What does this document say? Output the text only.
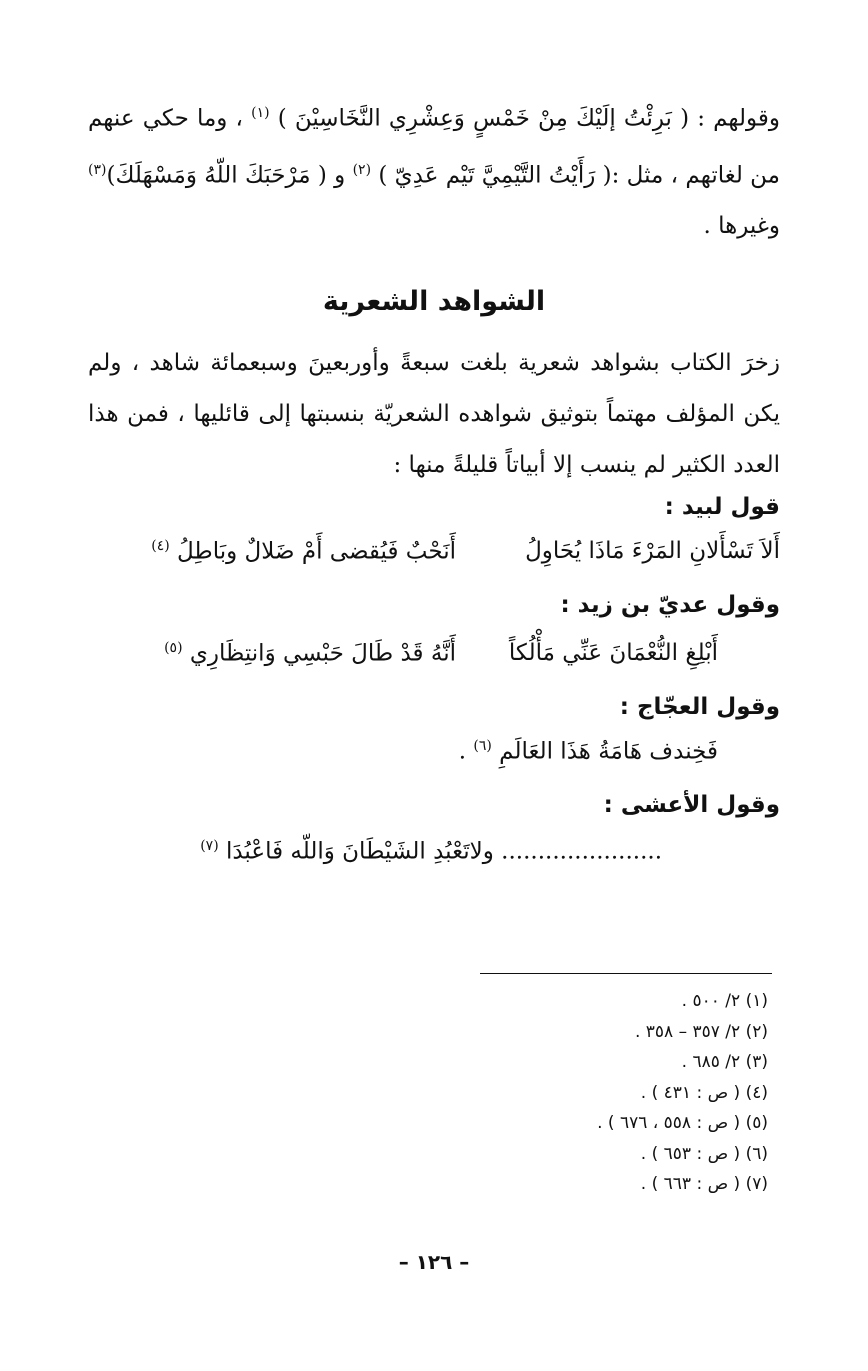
وقولهم : ( بَرِئْتُ إلَيْكَ مِنْ خَمْسٍ وَعِشْرِي النَّخَاسِيْنَ ) $^{(١)}$ ، وما حكي عنهم من لغاتهم ، مثل :( رَأَيْتُ التَّيْمِيَّ تَيْم عَدِيّ ) $^{(٢)}$ و ( مَرْحَبَكَ اللّهُ وَمَسْهَلَكَ)$^{(٣)}$ وغيرها .

الشواهد الشعرية

زخرَ الكتاب بشواهد شعرية بلغت سبعةً وأوربعينَ وسبعمائة شاهد ، ولم يكن المؤلف مهتماً بتوثيق شواهده الشعريّة بنسبتها إلى قائليها ، فمن هذا العدد الكثير لم ينسب إلا أبياتاً قليلةً منها :

قول لبيد :
أَلاَ تَسْأَلانِ المَرْءَ مَاذَا يُحَاوِلُ
أَنَحْبٌ فَيُقضى أَمْ ضَلالٌ وبَاطِلُ $^{(٤)}$
وقول عديّ بن زيد :
أَبْلِغِ النُّعْمَانَ عَنِّي مَأْلُكاً
أَنَّهُ قَدْ طَالَ حَبْسِي وَانتِظَارِي $^{(٥)}$
وقول العجّاج :
فَخِندف هَامَةُ هَذَا العَالَمِ $^{(٦)}$ .
وقول الأعشى :
...................... ولاتَعْبُدِ الشَيْطَانَ وَاللّه فَاعْبُدَا $^{(٧)}$
(١) ٢/ ٥٠٠ .
(٢) ٢/ ٣٥٧ – ٣٥٨ .
(٣) ٢/ ٦٨٥ .
(٤) ( ص : ٤٣١ ) .
(٥) ( ص : ٥٥٨ ، ٦٧٦ ) .
(٦) ( ص : ٦٥٣ ) .
(٧) ( ص : ٦٦٣ ) .
– ١٢٦ –
